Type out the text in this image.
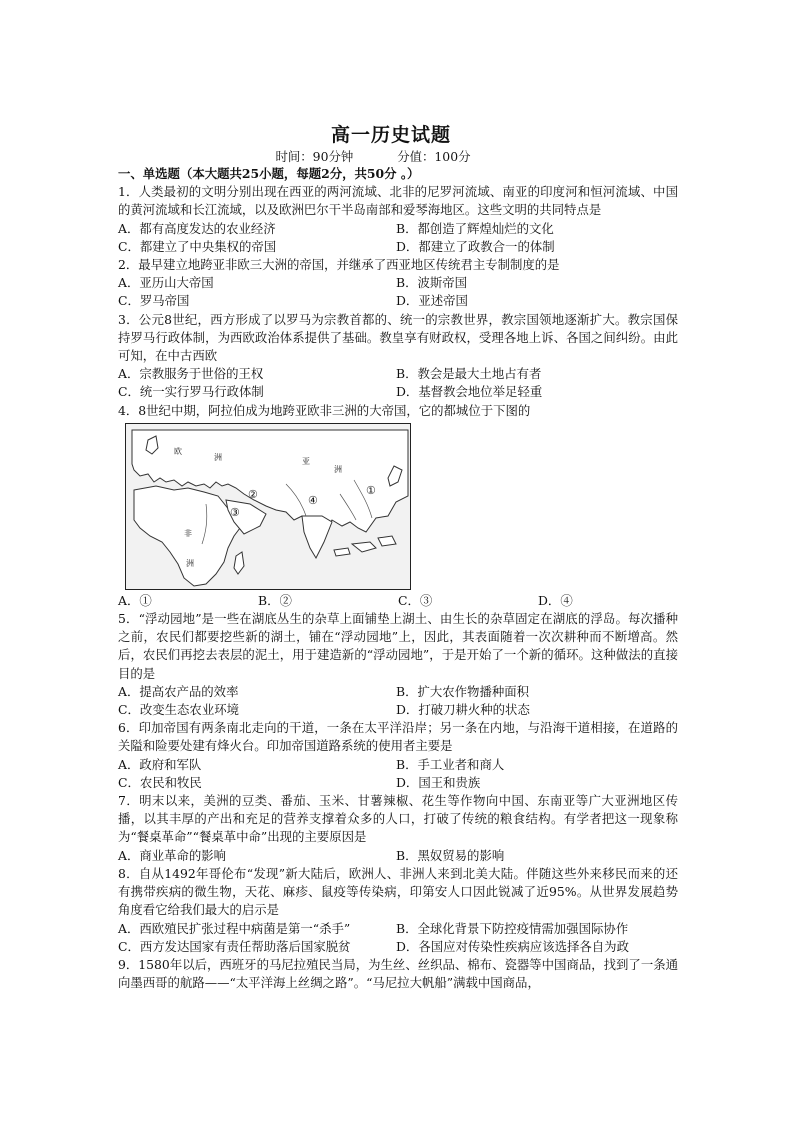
高一历史试题
时间：90分钟	分值：100分
一、单选题（本大题共25小题，每题2分，共50分 。）

1．人类最初的文明分别出现在西亚的两河流域、北非的尼罗河流域、南亚的印度河和恒河流域、中国的黄河流域和长江流域，以及欧洲巴尔干半岛南部和爱琴海地区。这些文明的共同特点是

A．都有高度发达的农业经济	B．都创造了辉煌灿烂的文化
C．都建立了中央集权的帝国	D．都建立了政教合一的体制

2．最早建立地跨亚非欧三大洲的帝国，并继承了西亚地区传统君主专制制度的是

A．亚历山大帝国	B．波斯帝国
C．罗马帝国	D．亚述帝国

3．公元8世纪，西方形成了以罗马为宗教首都的、统一的宗教世界，教宗国领地逐渐扩大。教宗国保持罗马行政体制，为西欧政治体系提供了基础。教皇享有财政权，受理各地上诉、各国之间纠纷。由此可知，在中古西欧

A．宗教服务于世俗的王权	B．教会是最大土地占有者
C．统一实行罗马行政体制	D．基督教会地位举足轻重

4．8世纪中期，阿拉伯成为地跨亚欧非三洲的大帝国，它的都城位于下图的

欧
洲	亚
洲
非
洲
①
②
③
④
A．①	B．②	C．③	D．④

5．“浮动园地”是一些在湖底丛生的杂草上面铺垫上湖土、由生长的杂草固定在湖底的浮岛。每次播种之前，农民们都要挖些新的湖土，铺在“浮动园地”上，因此，其表面随着一次次耕种而不断增高。然后，农民们再挖去表层的泥土，用于建造新的“浮动园地”，于是开始了一个新的循环。这种做法的直接目的是

A．提高农产品的效率	B．扩大农作物播种面积
C．改变生态农业环境	D．打破刀耕火种的状态

6．印加帝国有两条南北走向的干道，一条在太平洋沿岸；另一条在内地，与沿海干道相接，在道路的关隘和险要处建有烽火台。印加帝国道路系统的使用者主要是

A．政府和军队	B．手工业者和商人
C．农民和牧民	D．国王和贵族

7．明末以来，美洲的豆类、番茄、玉米、甘薯辣椒、花生等作物向中国、东南亚等广大亚洲地区传播，以其丰厚的产出和充足的营养支撑着众多的人口，打破了传统的粮食结构。有学者把这一现象称为“餐桌革命”“餐桌革中命”出现的主要原因是

A．商业革命的影响	B．黑奴贸易的影响

8．自从1492年哥伦布“发现”新大陆后，欧洲人、非洲人来到北美大陆。伴随这些外来移民而来的还有携带疾病的微生物，天花、麻疹、鼠疫等传染病，印第安人口因此锐减了近95%。从世界发展趋势角度看它给我们最大的启示是

A．西欧殖民扩张过程中病菌是第一“杀手”	B．全球化背景下防控疫情需加强国际协作
C．西方发达国家有责任帮助落后国家脱贫	D．各国应对传染性疾病应该选择各自为政

9．1580年以后，西班牙的马尼拉殖民当局，为生丝、丝织品、棉布、瓷器等中国商品，找到了一条通向墨西哥的航路——“太平洋海上丝绸之路”。“马尼拉大帆船”满载中国商品，
